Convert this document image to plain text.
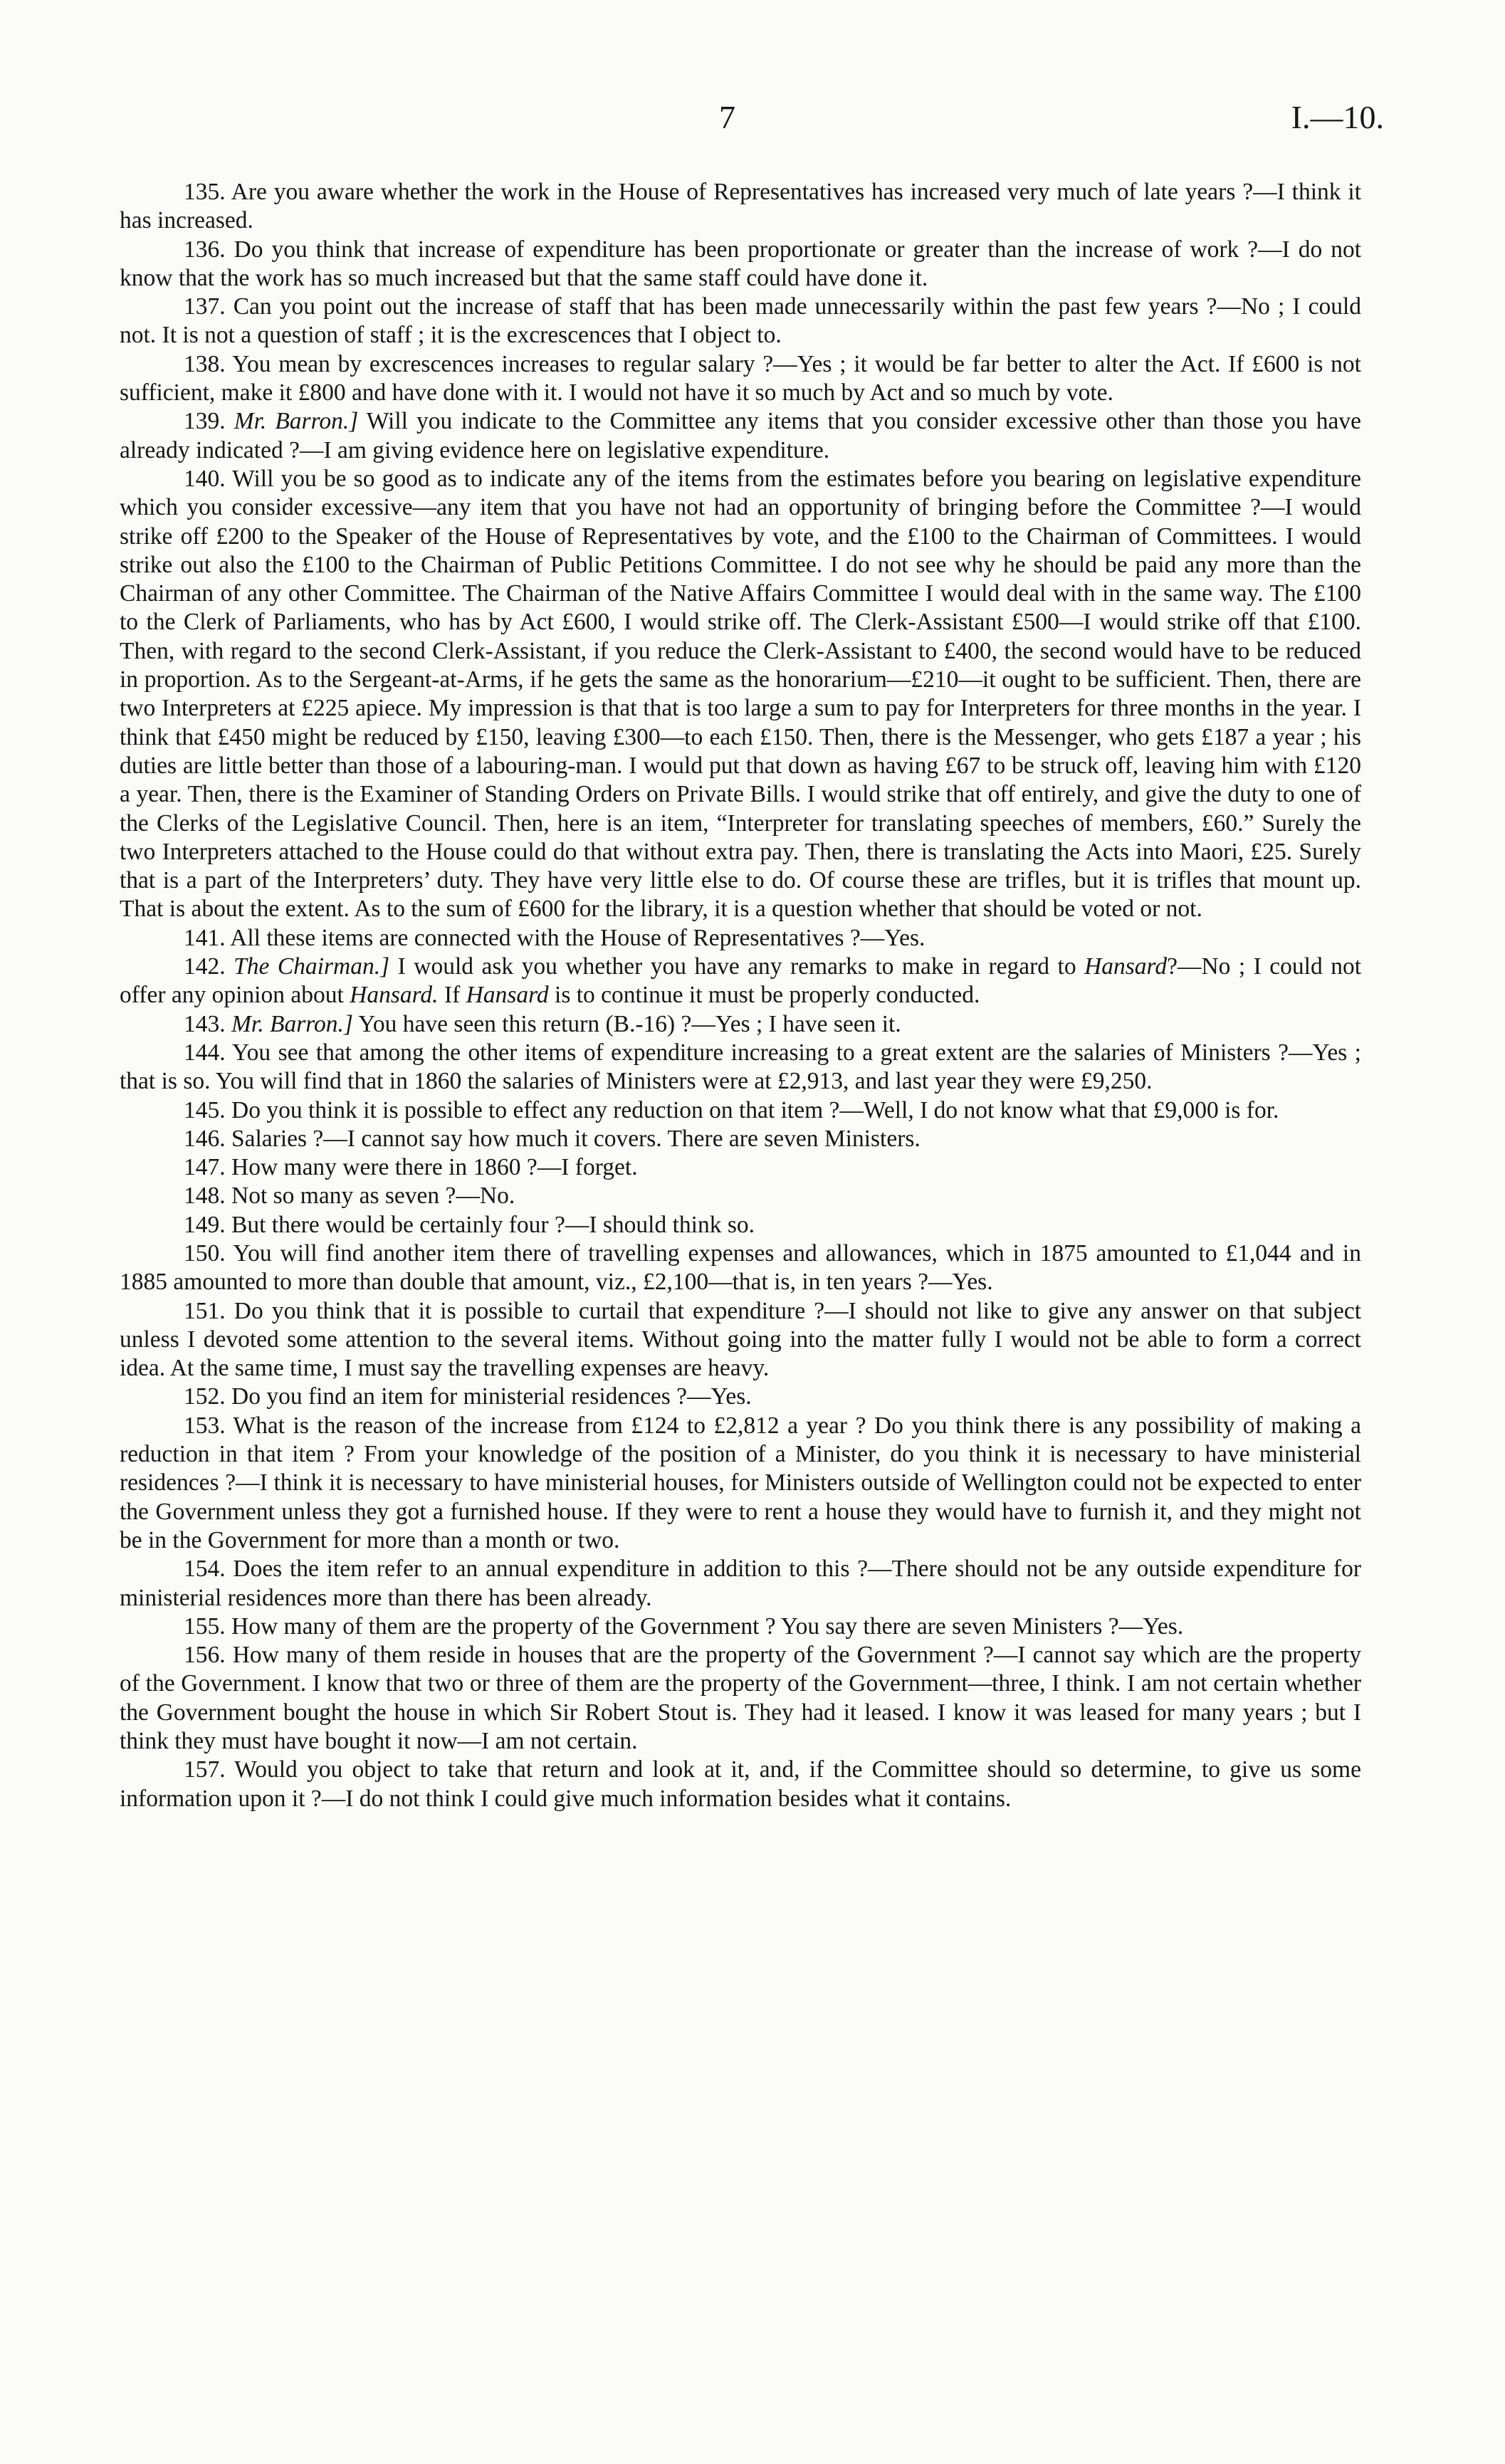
7	I.—10.

135. Are you aware whether the work in the House of Representatives has increased very much of late years ?—I think it has increased.

136. Do you think that increase of expenditure has been proportionate or greater than the increase of work ?—I do not know that the work has so much increased but that the same staff could have done it.

137. Can you point out the increase of staff that has been made unnecessarily within the past few years ?—No ; I could not. It is not a question of staff ; it is the excrescences that I object to.

138. You mean by excrescences increases to regular salary ?—Yes ; it would be far better to alter the Act. If £600 is not sufficient, make it £800 and have done with it. I would not have it so much by Act and so much by vote.

139. Mr. Barron.] Will you indicate to the Committee any items that you consider excessive other than those you have already indicated ?—I am giving evidence here on legislative expenditure.

140. Will you be so good as to indicate any of the items from the estimates before you bearing on legislative expenditure which you consider excessive—any item that you have not had an opportunity of bringing before the Committee ?—I would strike off £200 to the Speaker of the House of Representatives by vote, and the £100 to the Chairman of Committees. I would strike out also the £100 to the Chairman of Public Petitions Committee. I do not see why he should be paid any more than the Chairman of any other Committee. The Chairman of the Native Affairs Committee I would deal with in the same way. The £100 to the Clerk of Parliaments, who has by Act £600, I would strike off. The Clerk-Assistant £500—I would strike off that £100. Then, with regard to the second Clerk-Assistant, if you reduce the Clerk-Assistant to £400, the second would have to be reduced in proportion. As to the Sergeant-at-Arms, if he gets the same as the honorarium—£210—it ought to be sufficient. Then, there are two Interpreters at £225 apiece. My impression is that that is too large a sum to pay for Interpreters for three months in the year. I think that £450 might be reduced by £150, leaving £300—to each £150. Then, there is the Messenger, who gets £187 a year ; his duties are little better than those of a labouring-man. I would put that down as having £67 to be struck off, leaving him with £120 a year. Then, there is the Examiner of Standing Orders on Private Bills. I would strike that off entirely, and give the duty to one of the Clerks of the Legislative Council. Then, here is an item, “Interpreter for translating speeches of members, £60.” Surely the two Interpreters attached to the House could do that without extra pay. Then, there is translating the Acts into Maori, £25. Surely that is a part of the Interpreters’ duty. They have very little else to do. Of course these are trifles, but it is trifles that mount up. That is about the extent. As to the sum of £600 for the library, it is a question whether that should be voted or not.

141. All these items are connected with the House of Representatives ?—Yes.

142. The Chairman.] I would ask you whether you have any remarks to make in regard to Hansard?—No ; I could not offer any opinion about Hansard. If Hansard is to continue it must be properly conducted.

143. Mr. Barron.] You have seen this return (B.-16) ?—Yes ; I have seen it.

144. You see that among the other items of expenditure increasing to a great extent are the salaries of Ministers ?—Yes ; that is so. You will find that in 1860 the salaries of Ministers were at £2,913, and last year they were £9,250.

145. Do you think it is possible to effect any reduction on that item ?—Well, I do not know what that £9,000 is for.

146. Salaries ?—I cannot say how much it covers. There are seven Ministers.

147. How many were there in 1860 ?—I forget.

148. Not so many as seven ?—No.

149. But there would be certainly four ?—I should think so.

150. You will find another item there of travelling expenses and allowances, which in 1875 amounted to £1,044 and in 1885 amounted to more than double that amount, viz., £2,100—that is, in ten years ?—Yes.

151. Do you think that it is possible to curtail that expenditure ?—I should not like to give any answer on that subject unless I devoted some attention to the several items. Without going into the matter fully I would not be able to form a correct idea. At the same time, I must say the travelling expenses are heavy.

152. Do you find an item for ministerial residences ?—Yes.

153. What is the reason of the increase from £124 to £2,812 a year ? Do you think there is any possibility of making a reduction in that item ? From your knowledge of the position of a Minister, do you think it is necessary to have ministerial residences ?—I think it is necessary to have ministerial houses, for Ministers outside of Wellington could not be expected to enter the Government unless they got a furnished house. If they were to rent a house they would have to furnish it, and they might not be in the Government for more than a month or two.

154. Does the item refer to an annual expenditure in addition to this ?—There should not be any outside expenditure for ministerial residences more than there has been already.

155. How many of them are the property of the Government ? You say there are seven Ministers ?—Yes.

156. How many of them reside in houses that are the property of the Government ?—I cannot say which are the property of the Government. I know that two or three of them are the property of the Government—three, I think. I am not certain whether the Government bought the house in which Sir Robert Stout is. They had it leased. I know it was leased for many years ; but I think they must have bought it now—I am not certain.

157. Would you object to take that return and look at it, and, if the Committee should so determine, to give us some information upon it ?—I do not think I could give much information besides what it contains.
